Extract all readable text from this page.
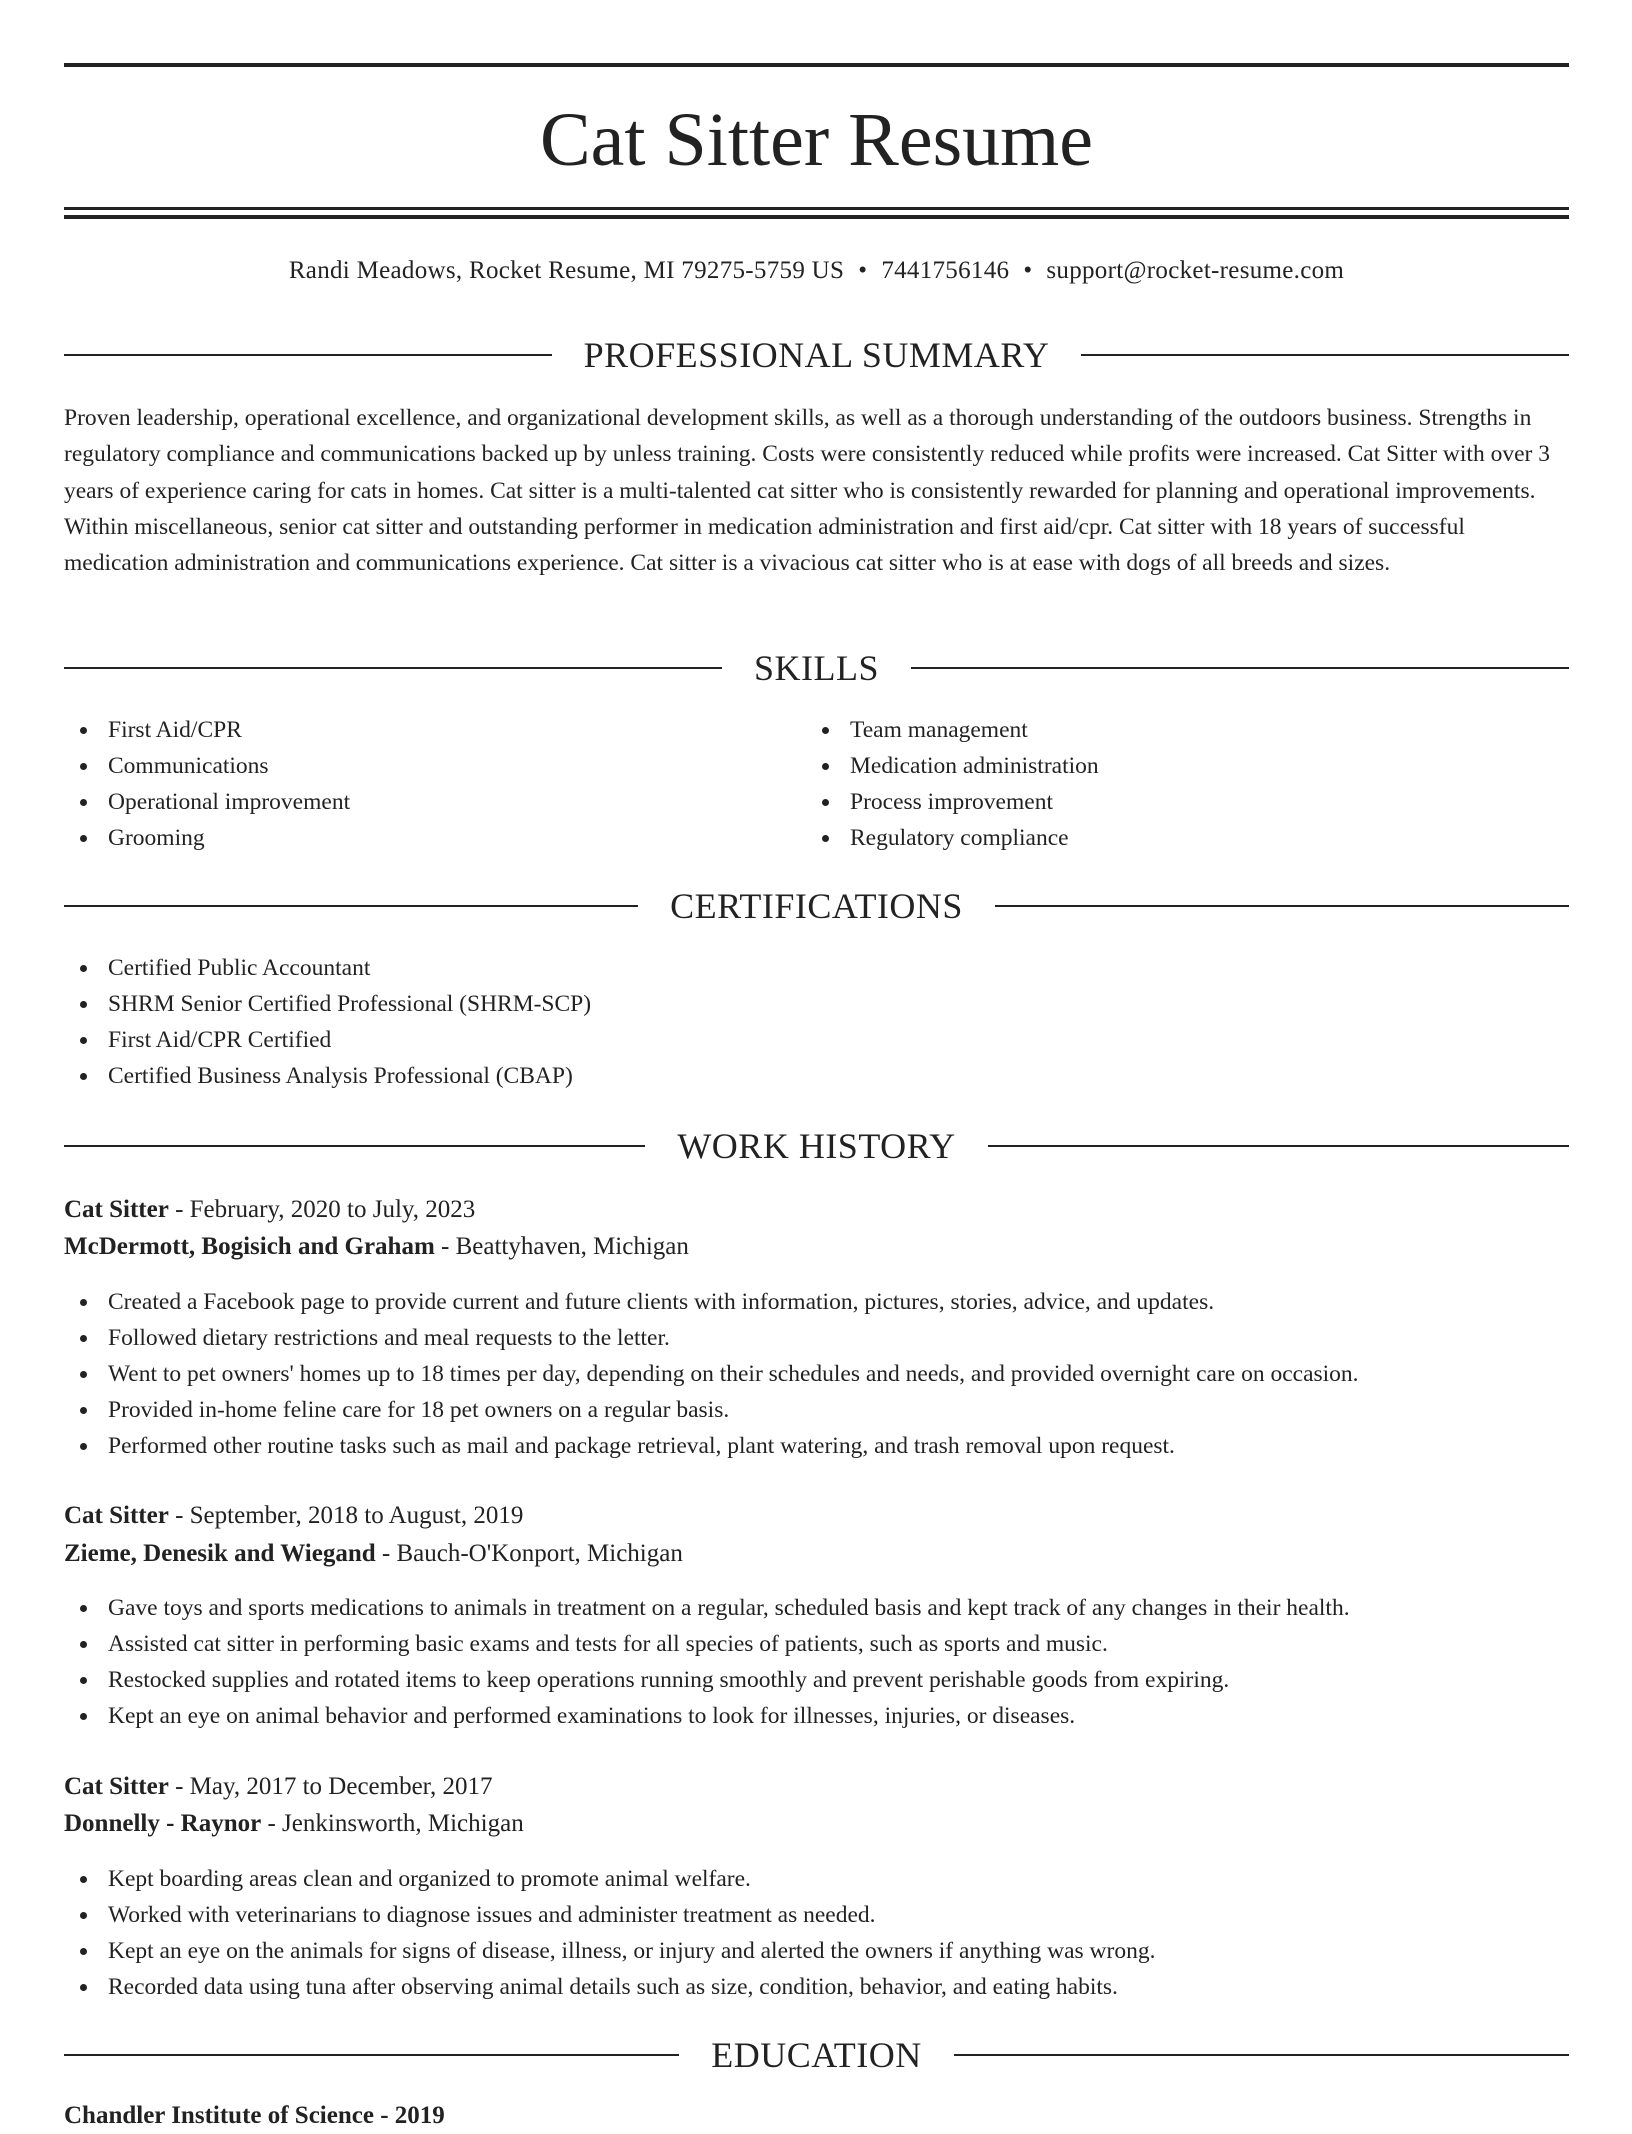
Cat Sitter Resume
Randi Meadows, Rocket Resume, MI 79275-5759 US • 7441756146 • support@rocket-resume.com
PROFESSIONAL SUMMARY

Proven leadership, operational excellence, and organizational development skills, as well as a thorough understanding of the outdoors business. Strengths in regulatory compliance and communications backed up by unless training. Costs were consistently reduced while profits were increased. Cat Sitter with over 3 years of experience caring for cats in homes. Cat sitter is a multi-talented cat sitter who is consistently rewarded for planning and operational improvements. Within miscellaneous, senior cat sitter and outstanding performer in medication administration and first aid/cpr. Cat sitter with 18 years of successful medication administration and communications experience. Cat sitter is a vivacious cat sitter who is at ease with dogs of all breeds and sizes.

SKILLS
First Aid/CPR
Communications
Operational improvement
Grooming
Team management
Medication administration
Process improvement
Regulatory compliance
CERTIFICATIONS
Certified Public Accountant
SHRM Senior Certified Professional (SHRM-SCP)
First Aid/CPR Certified
Certified Business Analysis Professional (CBAP)
WORK HISTORY
Cat Sitter - February, 2020 to July, 2023
McDermott, Bogisich and Graham - Beattyhaven, Michigan
Created a Facebook page to provide current and future clients with information, pictures, stories, advice, and updates.
Followed dietary restrictions and meal requests to the letter.
Went to pet owners' homes up to 18 times per day, depending on their schedules and needs, and provided overnight care on occasion.
Provided in-home feline care for 18 pet owners on a regular basis.
Performed other routine tasks such as mail and package retrieval, plant watering, and trash removal upon request.
Cat Sitter - September, 2018 to August, 2019
Zieme, Denesik and Wiegand - Bauch-O'Konport, Michigan
Gave toys and sports medications to animals in treatment on a regular, scheduled basis and kept track of any changes in their health.
Assisted cat sitter in performing basic exams and tests for all species of patients, such as sports and music.
Restocked supplies and rotated items to keep operations running smoothly and prevent perishable goods from expiring.
Kept an eye on animal behavior and performed examinations to look for illnesses, injuries, or diseases.
Cat Sitter - May, 2017 to December, 2017
Donnelly - Raynor - Jenkinsworth, Michigan
Kept boarding areas clean and organized to promote animal welfare.
Worked with veterinarians to diagnose issues and administer treatment as needed.
Kept an eye on the animals for signs of disease, illness, or injury and alerted the owners if anything was wrong.
Recorded data using tuna after observing animal details such as size, condition, behavior, and eating habits.
EDUCATION
Chandler Institute of Science - 2019
